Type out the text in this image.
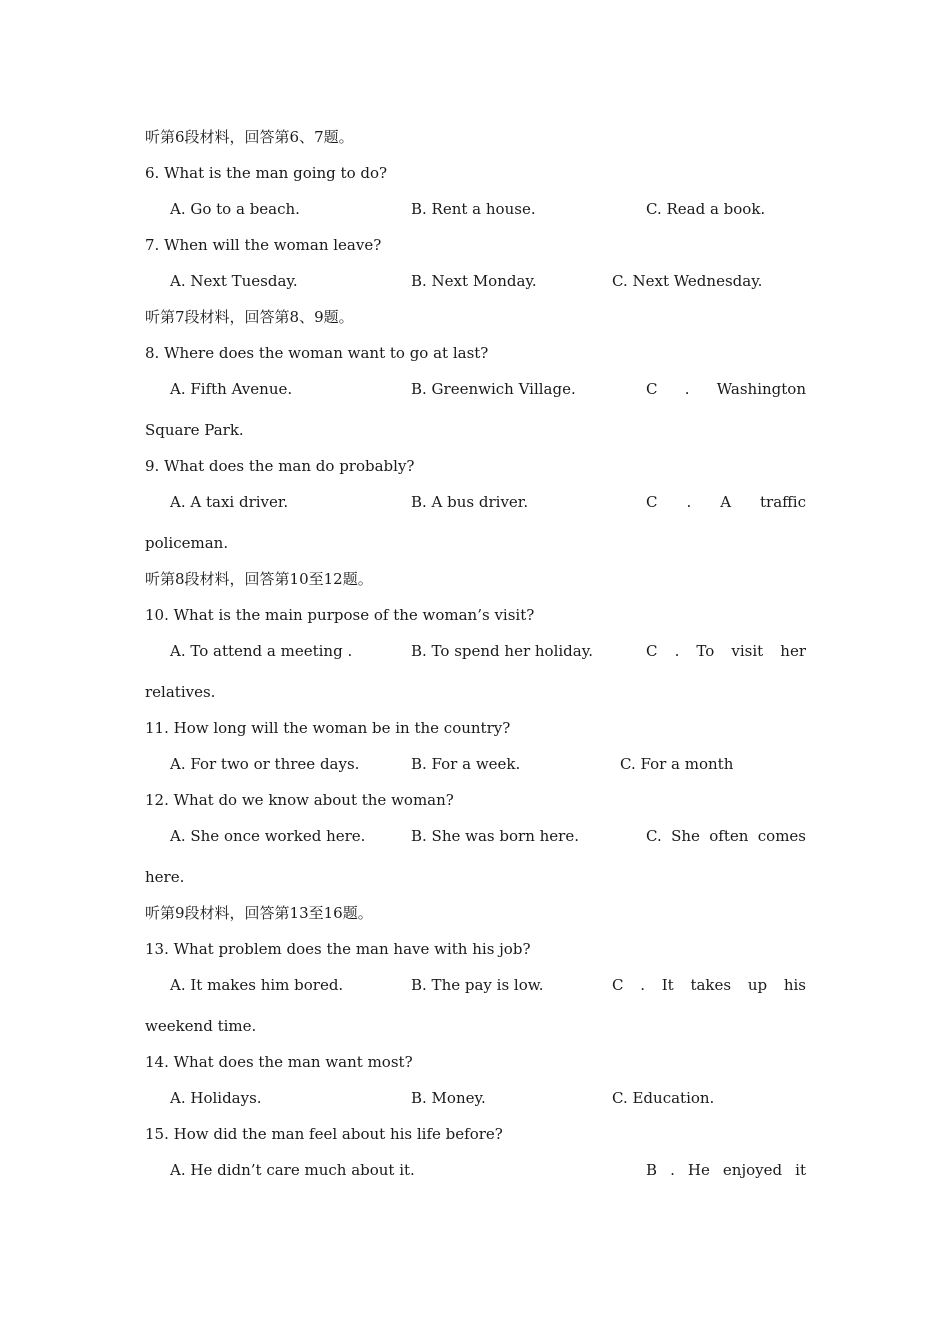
听第6段材料，回答第6、7题。
6. What is the man going to do?
A. Go to a beach.	B. Rent a house.	C. Read a book.
7. When will the woman leave?
A. Next Tuesday.	B. Next Monday.	C. Next Wednesday.
听第7段材料，回答第8、9题。
8. Where does the woman want to go at last?
A. Fifth Avenue.	B. Greenwich Village.	C . Washington
Square Park.
9. What does the man do probably?
A. A taxi driver.	B. A bus driver.	C . A traffic
policeman.
听第8段材料，回答第10至12题。
10. What is the main purpose of the woman’s visit?
A. To attend a meeting .	B. To spend her holiday.	C . To visit her
relatives.
11. How long will the woman be in the country?
A. For two or three days.	B. For a week.	C. For a month
12. What do we know about the woman?
A. She once worked here.	B. She was born here.	C. She often comes
here.
听第9段材料，回答第13至16题。
13. What problem does the man have with his job?
A. It makes him bored.	B. The pay is low.	C . It takes up his
weekend time.
14. What does the man want most?
A. Holidays.	B. Money.	C. Education.
15. How did the man feel about his life before?
A. He didn’t care much about it.	B . He enjoyed it
